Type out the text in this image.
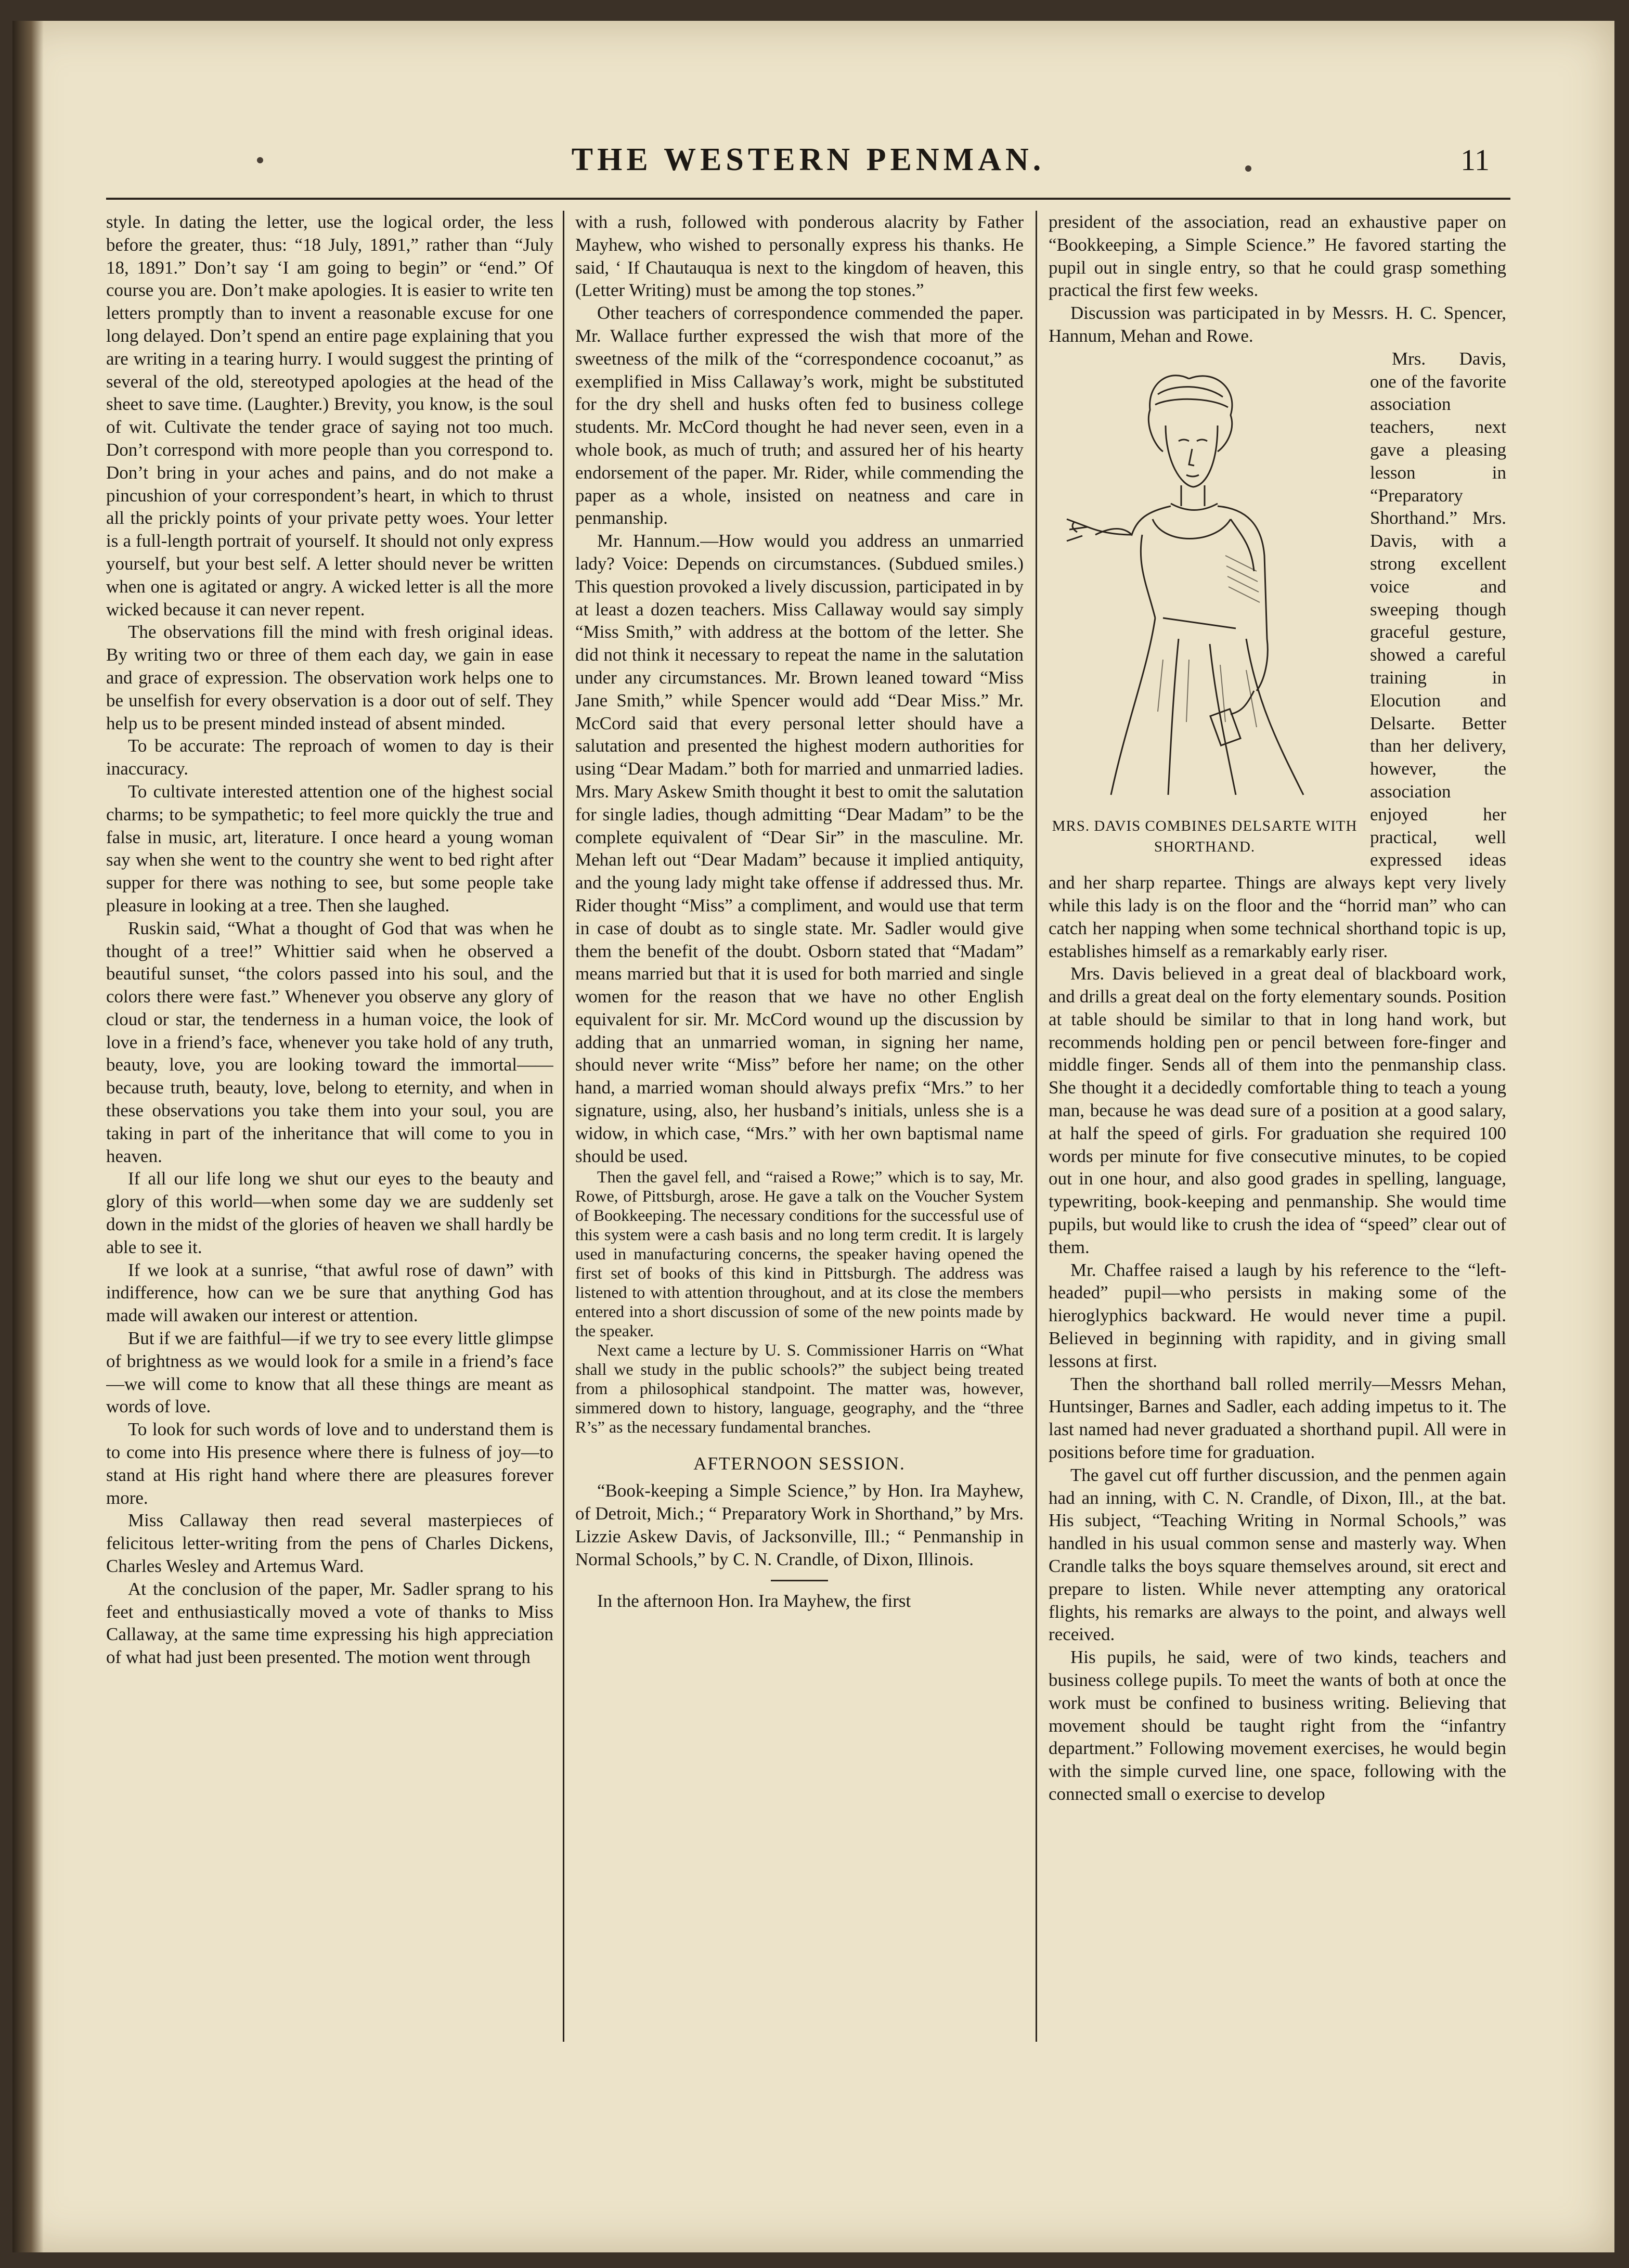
THE WESTERN PENMAN.	11

style. In dating the letter, use the logical order, the less before the greater, thus: “18 July, 1891,” rather than “July 18, 1891.” Don’t say ‘I am going to begin” or “end.” Of course you are. Don’t make apologies. It is easier to write ten letters promptly than to invent a reasonable excuse for one long delayed. Don’t spend an entire page explaining that you are writing in a tearing hurry. I would suggest the printing of several of the old, stereotyped apologies at the head of the sheet to save time. (Laughter.) Brevity, you know, is the soul of wit. Cultivate the tender grace of saying not too much. Don’t correspond with more people than you correspond to. Don’t bring in your aches and pains, and do not make a pincushion of your correspondent’s heart, in which to thrust all the prickly points of your private petty woes. Your letter is a full-length portrait of yourself. It should not only express yourself, but your best self. A letter should never be written when one is agitated or angry. A wicked letter is all the more wicked because it can never repent.

The observations fill the mind with fresh original ideas. By writing two or three of them each day, we gain in ease and grace of expression. The observation work helps one to be unselfish for every observation is a door out of self. They help us to be present minded instead of absent minded.

To be accurate: The reproach of women to day is their inaccuracy.

To cultivate interested attention one of the highest social charms; to be sympathetic; to feel more quickly the true and false in music, art, literature. I once heard a young woman say when she went to the country she went to bed right after supper for there was nothing to see, but some people take pleasure in looking at a tree. Then she laughed.

Ruskin said, “What a thought of God that was when he thought of a tree!” Whittier said when he observed a beautiful sunset, “the colors passed into his soul, and the colors there were fast.” Whenever you observe any glory of cloud or star, the tenderness in a human voice, the look of love in a friend’s face, whenever you take hold of any truth, beauty, love, you are looking toward the immortal—— because truth, beauty, love, belong to eternity, and when in these observations you take them into your soul, you are taking in part of the inheritance that will come to you in heaven.

If all our life long we shut our eyes to the beauty and glory of this world—when some day we are suddenly set down in the midst of the glories of heaven we shall hardly be able to see it.

If we look at a sunrise, “that awful rose of dawn” with indifference, how can we be sure that anything God has made will awaken our interest or attention.

But if we are faithful—if we try to see every little glimpse of brightness as we would look for a smile in a friend’s face—we will come to know that all these things are meant as words of love.

To look for such words of love and to understand them is to come into His presence where there is fulness of joy—to stand at His right hand where there are pleasures forever more.

Miss Callaway then read several masterpieces of felicitous letter-writing from the pens of Charles Dickens, Charles Wesley and Artemus Ward.

At the conclusion of the paper, Mr. Sadler sprang to his feet and enthusiastically moved a vote of thanks to Miss Callaway, at the same time expressing his high appreciation of what had just been presented. The motion went through

with a rush, followed with ponderous alacrity by Father Mayhew, who wished to personally express his thanks. He said, ‘ If Chautauqua is next to the kingdom of heaven, this (Letter Writing) must be among the top stones.”

Other teachers of correspondence commended the paper. Mr. Wallace further expressed the wish that more of the sweetness of the milk of the “correspondence cocoanut,” as exemplified in Miss Callaway’s work, might be substituted for the dry shell and husks often fed to business college students. Mr. McCord thought he had never seen, even in a whole book, as much of truth; and assured her of his hearty endorsement of the paper. Mr. Rider, while commending the paper as a whole, insisted on neatness and care in penmanship.

Mr. Hannum.—How would you address an unmarried lady? Voice: Depends on circumstances. (Subdued smiles.) This question provoked a lively discussion, participated in by at least a dozen teachers. Miss Callaway would say simply “Miss Smith,” with address at the bottom of the letter. She did not think it necessary to repeat the name in the salutation under any circumstances. Mr. Brown leaned toward “Miss Jane Smith,” while Spencer would add “Dear Miss.” Mr. McCord said that every personal letter should have a salutation and presented the highest modern authorities for using “Dear Madam.” both for married and unmarried ladies. Mrs. Mary Askew Smith thought it best to omit the salutation for single ladies, though admitting “Dear Madam” to be the complete equivalent of “Dear Sir” in the masculine. Mr. Mehan left out “Dear Madam” because it implied antiquity, and the young lady might take offense if addressed thus. Mr. Rider thought “Miss” a compliment, and would use that term in case of doubt as to single state. Mr. Sadler would give them the benefit of the doubt. Osborn stated that “Madam” means married but that it is used for both married and single women for the reason that we have no other English equivalent for sir. Mr. McCord wound up the discussion by adding that an unmarried woman, in signing her name, should never write “Miss” before her name; on the other hand, a married woman should always prefix “Mrs.” to her signature, using, also, her husband’s initials, unless she is a widow, in which case, “Mrs.” with her own baptismal name should be used.

Then the gavel fell, and “raised a Rowe;” which is to say, Mr. Rowe, of Pittsburgh, arose. He gave a talk on the Voucher System of Bookkeeping. The necessary conditions for the successful use of this system were a cash basis and no long term credit. It is largely used in manufacturing concerns, the speaker having opened the first set of books of this kind in Pittsburgh. The address was listened to with attention throughout, and at its close the members entered into a short discussion of some of the new points made by the speaker.

Next came a lecture by U. S. Commissioner Harris on “What shall we study in the public schools?” the subject being treated from a philosophical standpoint. The matter was, however, simmered down to history, language, geography, and the “three R’s” as the necessary fundamental branches.

AFTERNOON SESSION.

“Book-keeping a Simple Science,” by Hon. Ira Mayhew, of Detroit, Mich.; “ Preparatory Work in Shorthand,” by Mrs. Lizzie Askew Davis, of Jacksonville, Ill.; “ Penmanship in Normal Schools,” by C. N. Crandle, of Dixon, Illinois.

In the afternoon Hon. Ira Mayhew, the first

president of the association, read an exhaustive paper on “Bookkeeping, a Simple Science.” He favored starting the pupil out in single entry, so that he could grasp something practical the first few weeks.

Discussion was participated in by Messrs. H. C. Spencer, Hannum, Mehan and Rowe.

MRS. DAVIS COMBINES DELSARTE WITH SHORTHAND.

Mrs. Davis, one of the favorite association teachers, next gave a pleasing lesson in “Preparatory Shorthand.” Mrs. Davis, with a strong excellent voice and sweeping though graceful gesture, showed a careful training in Elocution and Delsarte. Better than her delivery, however, the association enjoyed her practical, well expressed ideas and her sharp repartee. Things are always kept very lively while this lady is on the floor and the “horrid man” who can catch her napping when some technical shorthand topic is up, establishes himself as a remarkably early riser.

Mrs. Davis believed in a great deal of blackboard work, and drills a great deal on the forty elementary sounds. Position at table should be similar to that in long hand work, but recommends holding pen or pencil between fore-finger and middle finger. Sends all of them into the penmanship class. She thought it a decidedly comfortable thing to teach a young man, because he was dead sure of a position at a good salary, at half the speed of girls. For graduation she required 100 words per minute for five consecutive minutes, to be copied out in one hour, and also good grades in spelling, language, typewriting, book-keeping and penmanship. She would time pupils, but would like to crush the idea of “speed” clear out of them.

Mr. Chaffee raised a laugh by his reference to the “left-headed” pupil—who persists in making some of the hieroglyphics backward. He would never time a pupil. Believed in beginning with rapidity, and in giving small lessons at first.

Then the shorthand ball rolled merrily—Messrs Mehan, Huntsinger, Barnes and Sadler, each adding impetus to it. The last named had never graduated a shorthand pupil. All were in positions before time for graduation.

The gavel cut off further discussion, and the penmen again had an inning, with C. N. Crandle, of Dixon, Ill., at the bat. His subject, “Teaching Writing in Normal Schools,” was handled in his usual common sense and masterly way. When Crandle talks the boys square themselves around, sit erect and prepare to listen. While never attempting any oratorical flights, his remarks are always to the point, and always well received.

His pupils, he said, were of two kinds, teachers and business college pupils. To meet the wants of both at once the work must be confined to business writing. Believing that movement should be taught right from the “infantry department.” Following movement exercises, he would begin with the simple curved line, one space, following with the connected small o exercise to develop
